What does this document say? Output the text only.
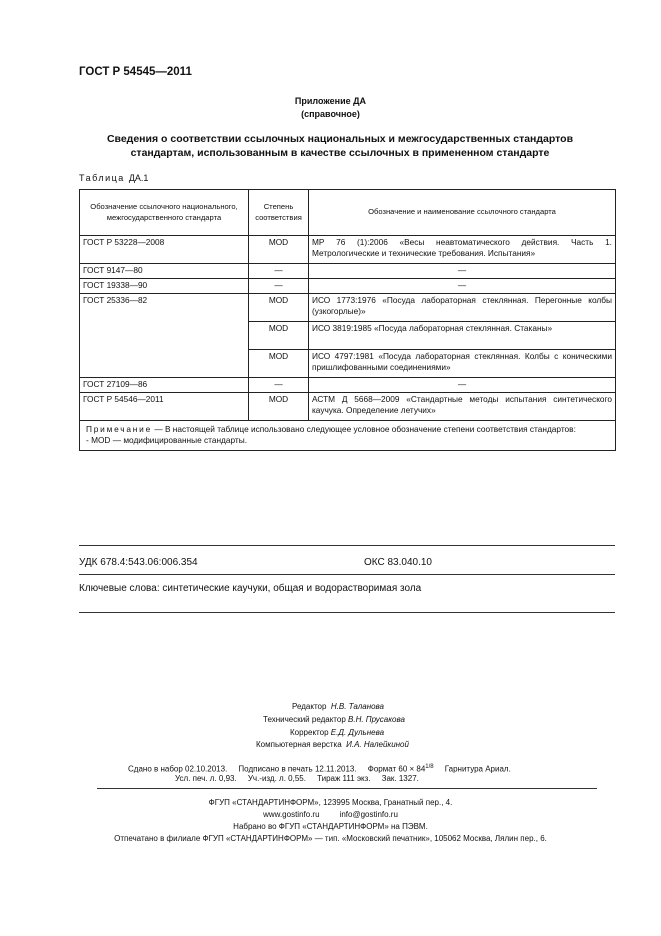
ГОСТ Р 54545—2011
Приложение ДА
(справочное)
Сведения о соответствии ссылочных национальных и межгосударственных стандартов
стандартам, использованным в качестве ссылочных в примененном стандарте
Таблица ДА.1
Обозначение ссылочного национального, межгосударственного стандарта	Степень соответствия	Обозначение и наименование ссылочного стандарта
ГОСТ Р 53228—2008	MOD	МР 76 (1):2006 «Весы неавтоматического действия. Часть 1. Метрологические и технические требования. Испытания»
ГОСТ 9147—80	—	—
ГОСТ 19338—90	—	—
ГОСТ 25336—82	MOD	ИСО 1773:1976 «Посуда лабораторная стеклянная. Перегонные колбы (узкогорлые)»
	MOD	ИСО 3819:1985 «Посуда лабораторная стеклянная. Стаканы»
	MOD	ИСО 4797:1981 «Посуда лабораторная стеклянная. Колбы с коническими пришлифованными соединениями»
ГОСТ 27109—86	—	—
ГОСТ Р 54546—2011	MOD	АСТМ Д 5668—2009 «Стандартные методы испытания синтетического каучука. Определение летучих»
Примечание — В настоящей таблице использовано следующее условное обозначение степени соответствия стандартов:
- MOD — модифицированные стандарты.		
УДК 678.4:543.06:006.354	ОКС 83.040.10
Ключевые слова: синтетические каучуки, общая и водорастворимая зола
Редактор Н.В. Таланова
Технический редактор В.Н. Прусакова
Корректор Е.Д. Дульнева
Компьютерная верстка И.А. Налейкиной
Сдано в набор 02.10.2013. Подписано в печать 12.11.2013. Формат $60 \times 84^{1/8}$ Гарнитура Ариал.
Усл. печ. л. 0,93. Уч.-изд. л. 0,55. Тираж 111 экз. Зак. 1327.
ФГУП «СТАНДАРТИНФОРМ», 123995 Москва, Гранатный пер., 4.
www.gostinfo.ru	info@gostinfo.ru
Набрано во ФГУП «СТАНДАРТИНФОРМ» на ПЭВМ.
Отпечатано в филиале ФГУП «СТАНДАРТИНФОРМ» — тип. «Московский печатник», 105062 Москва, Лялин пер., 6.
